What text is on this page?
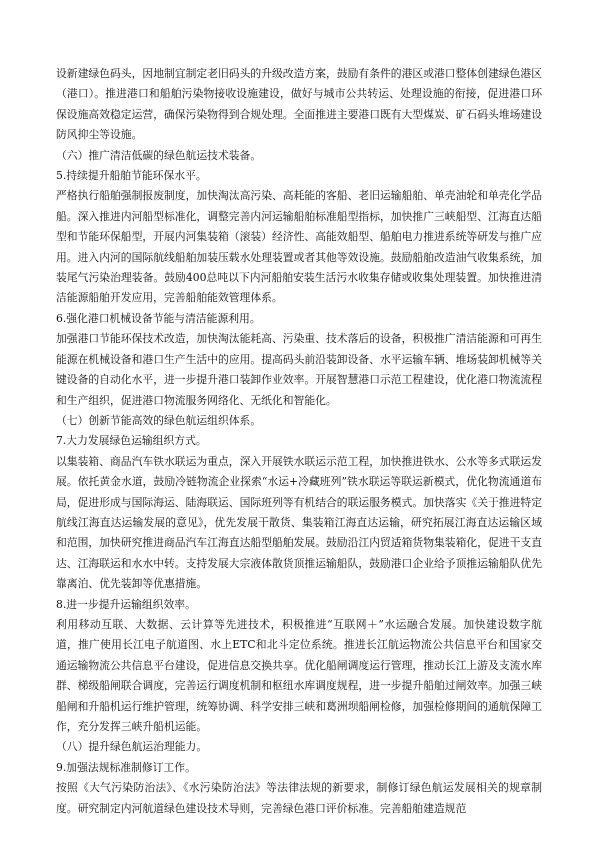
设新建绿色码头，因地制宜制定老旧码头的升级改造方案，鼓励有条件的港区或港口整体创建绿色港区（港口）。推进港口和船舶污染物接收设施建设，做好与城市公共转运、处理设施的衔接，促进港口环保设施高效稳定运营，确保污染物得到合规处理。全面推进主要港口既有大型煤炭、矿石码头堆场建设防风抑尘等设施。

（六）推广清洁低碳的绿色航运技术装备。

5.持续提升船舶节能环保水平。

严格执行船舶强制报废制度，加快淘汰高污染、高耗能的客船、老旧运输船舶、单壳油轮和单壳化学品船。深入推进内河船型标准化，调整完善内河运输船舶标准船型指标，加快推广三峡船型、江海直达船型和节能环保船型，开展内河集装箱（滚装）经济性、高能效船型、船舶电力推进系统等研发与推广应用。进入内河的国际航线船舶加装压载水处理装置或者其他等效设施。鼓励船舶改造油气收集系统，加装尾气污染治理装备。鼓励400总吨以下内河船舶安装生活污水收集存储或收集处理装置。加快推进清洁能源船舶开发应用，完善船舶能效管理体系。

6.强化港口机械设备节能与清洁能源利用。

加强港口节能环保技术改造，加快淘汰能耗高、污染重、技术落后的设备，积极推广清洁能源和可再生能源在机械设备和港口生产生活中的应用。提高码头前沿装卸设备、水平运输车辆、堆场装卸机械等关键设备的自动化水平，进一步提升港口装卸作业效率。开展智慧港口示范工程建设，优化港口物流流程和生产组织，促进港口物流服务网络化、无纸化和智能化。

（七）创新节能高效的绿色航运组织体系。

7.大力发展绿色运输组织方式。

以集装箱、商品汽车铁水联运为重点，深入开展铁水联运示范工程，加快推进铁水、公水等多式联运发展。依托黄金水道，鼓励冷链物流企业探索“水运+冷藏班列”铁水联运等联运新模式，优化物流通道布局，促进形成与国际海运、陆海联运、国际班列等有机结合的联运服务模式。加快落实《关于推进特定航线江海直达运输发展的意见》，优先发展干散货、集装箱江海直达运输，研究拓展江海直达运输区域和范围，加快研究推进商品汽车江海直达船型船舶发展。鼓励沿江内贸适箱货物集装箱化，促进干支直达、江海联运和水水中转。支持发展大宗液体散货顶推运输船队，鼓励港口企业给予顶推运输船队优先靠离泊、优先装卸等优惠措施。

8.进一步提升运输组织效率。

利用移动互联、大数据、云计算等先进技术，积极推进“互联网＋”水运融合发展。加快建设数字航道，推广使用长江电子航道图、水上ETC和北斗定位系统。推进长江航运物流公共信息平台和国家交通运输物流公共信息平台建设，促进信息交换共享。优化船闸调度运行管理，推动长江上游及支流水库群、梯级船闸联合调度，完善运行调度机制和枢纽水库调度规程，进一步提升船舶过闸效率。加强三峡船闸和升船机运行维护管理，统筹协调、科学安排三峡和葛洲坝船闸检修，加强检修期间的通航保障工作，充分发挥三峡升船机运能。

（八）提升绿色航运治理能力。

9.加强法规标准制修订工作。

按照《大气污染防治法》、《水污染防治法》等法律法规的新要求，制修订绿色航运发展相关的规章制度。研究制定内河航道绿色建设技术导则，完善绿色港口评价标准。完善船舶建造规范
